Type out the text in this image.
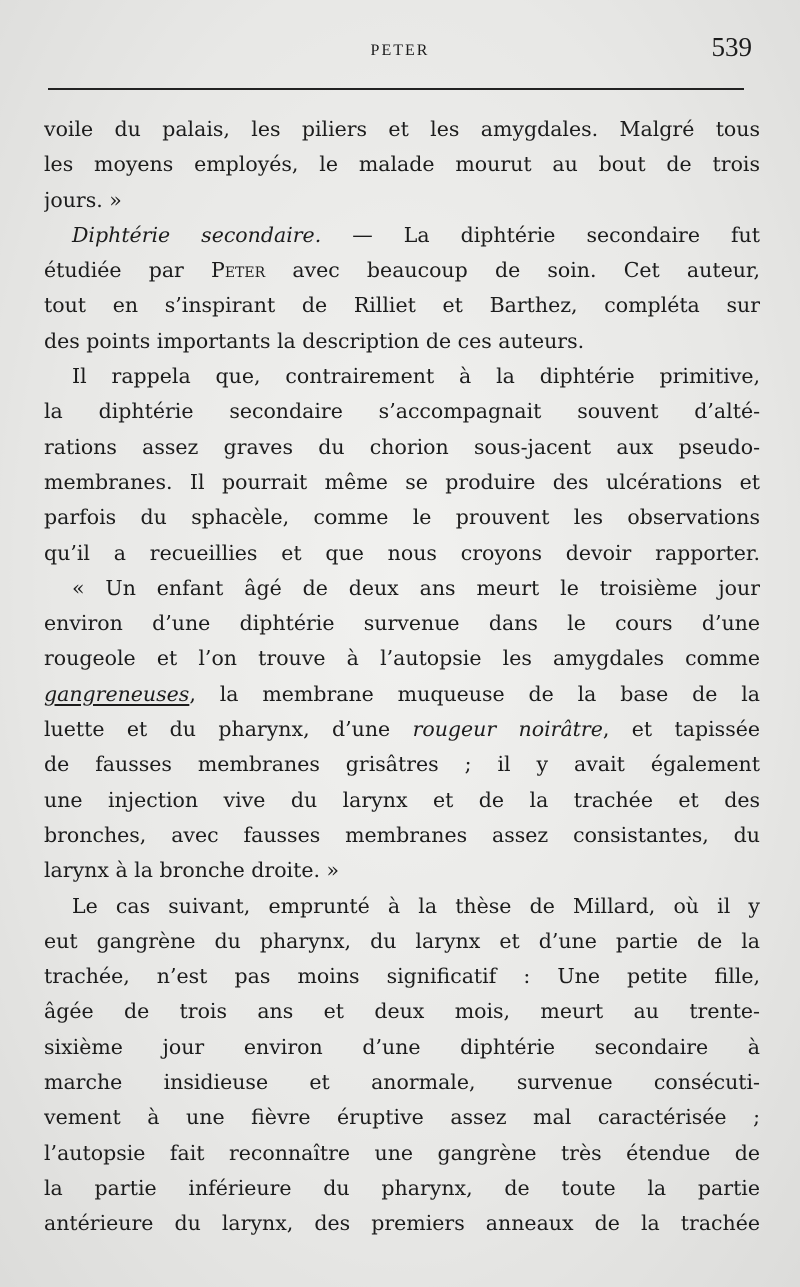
PETER	539
voile du palais, les piliers et les amygdales. Malgré tous
les moyens employés, le malade mourut au bout de trois
jours. »
Diphtérie secondaire. — La diphtérie secondaire fut
étudiée par Peter avec beaucoup de soin. Cet auteur,
tout en s’inspirant de Rilliet et Barthez, compléta sur
des points importants la description de ces auteurs.
Il rappela que, contrairement à la diphtérie primitive,
la diphtérie secondaire s’accompagnait souvent d’alté-
rations assez graves du chorion sous-jacent aux pseudo-
membranes. Il pourrait même se produire des ulcérations et
parfois du sphacèle, comme le prouvent les observations
qu’il a recueillies et que nous croyons devoir rapporter.
« Un enfant âgé de deux ans meurt le troisième jour
environ d’une diphtérie survenue dans le cours d’une
rougeole et l’on trouve à l’autopsie les amygdales comme
gangreneuses, la membrane muqueuse de la base de la
luette et du pharynx, d’une rougeur noirâtre, et tapissée
de fausses membranes grisâtres ; il y avait également
une injection vive du larynx et de la trachée et des
bronches, avec fausses membranes assez consistantes, du
larynx à la bronche droite. »
Le cas suivant, emprunté à la thèse de Millard, où il y
eut gangrène du pharynx, du larynx et d’une partie de la
trachée, n’est pas moins significatif : Une petite fille,
âgée de trois ans et deux mois, meurt au trente-
sixième jour environ d’une diphtérie secondaire à
marche insidieuse et anormale, survenue consécuti-
vement à une fièvre éruptive assez mal caractérisée ;
l’autopsie fait reconnaître une gangrène très étendue de
la partie inférieure du pharynx, de toute la partie
antérieure du larynx, des premiers anneaux de la trachée
